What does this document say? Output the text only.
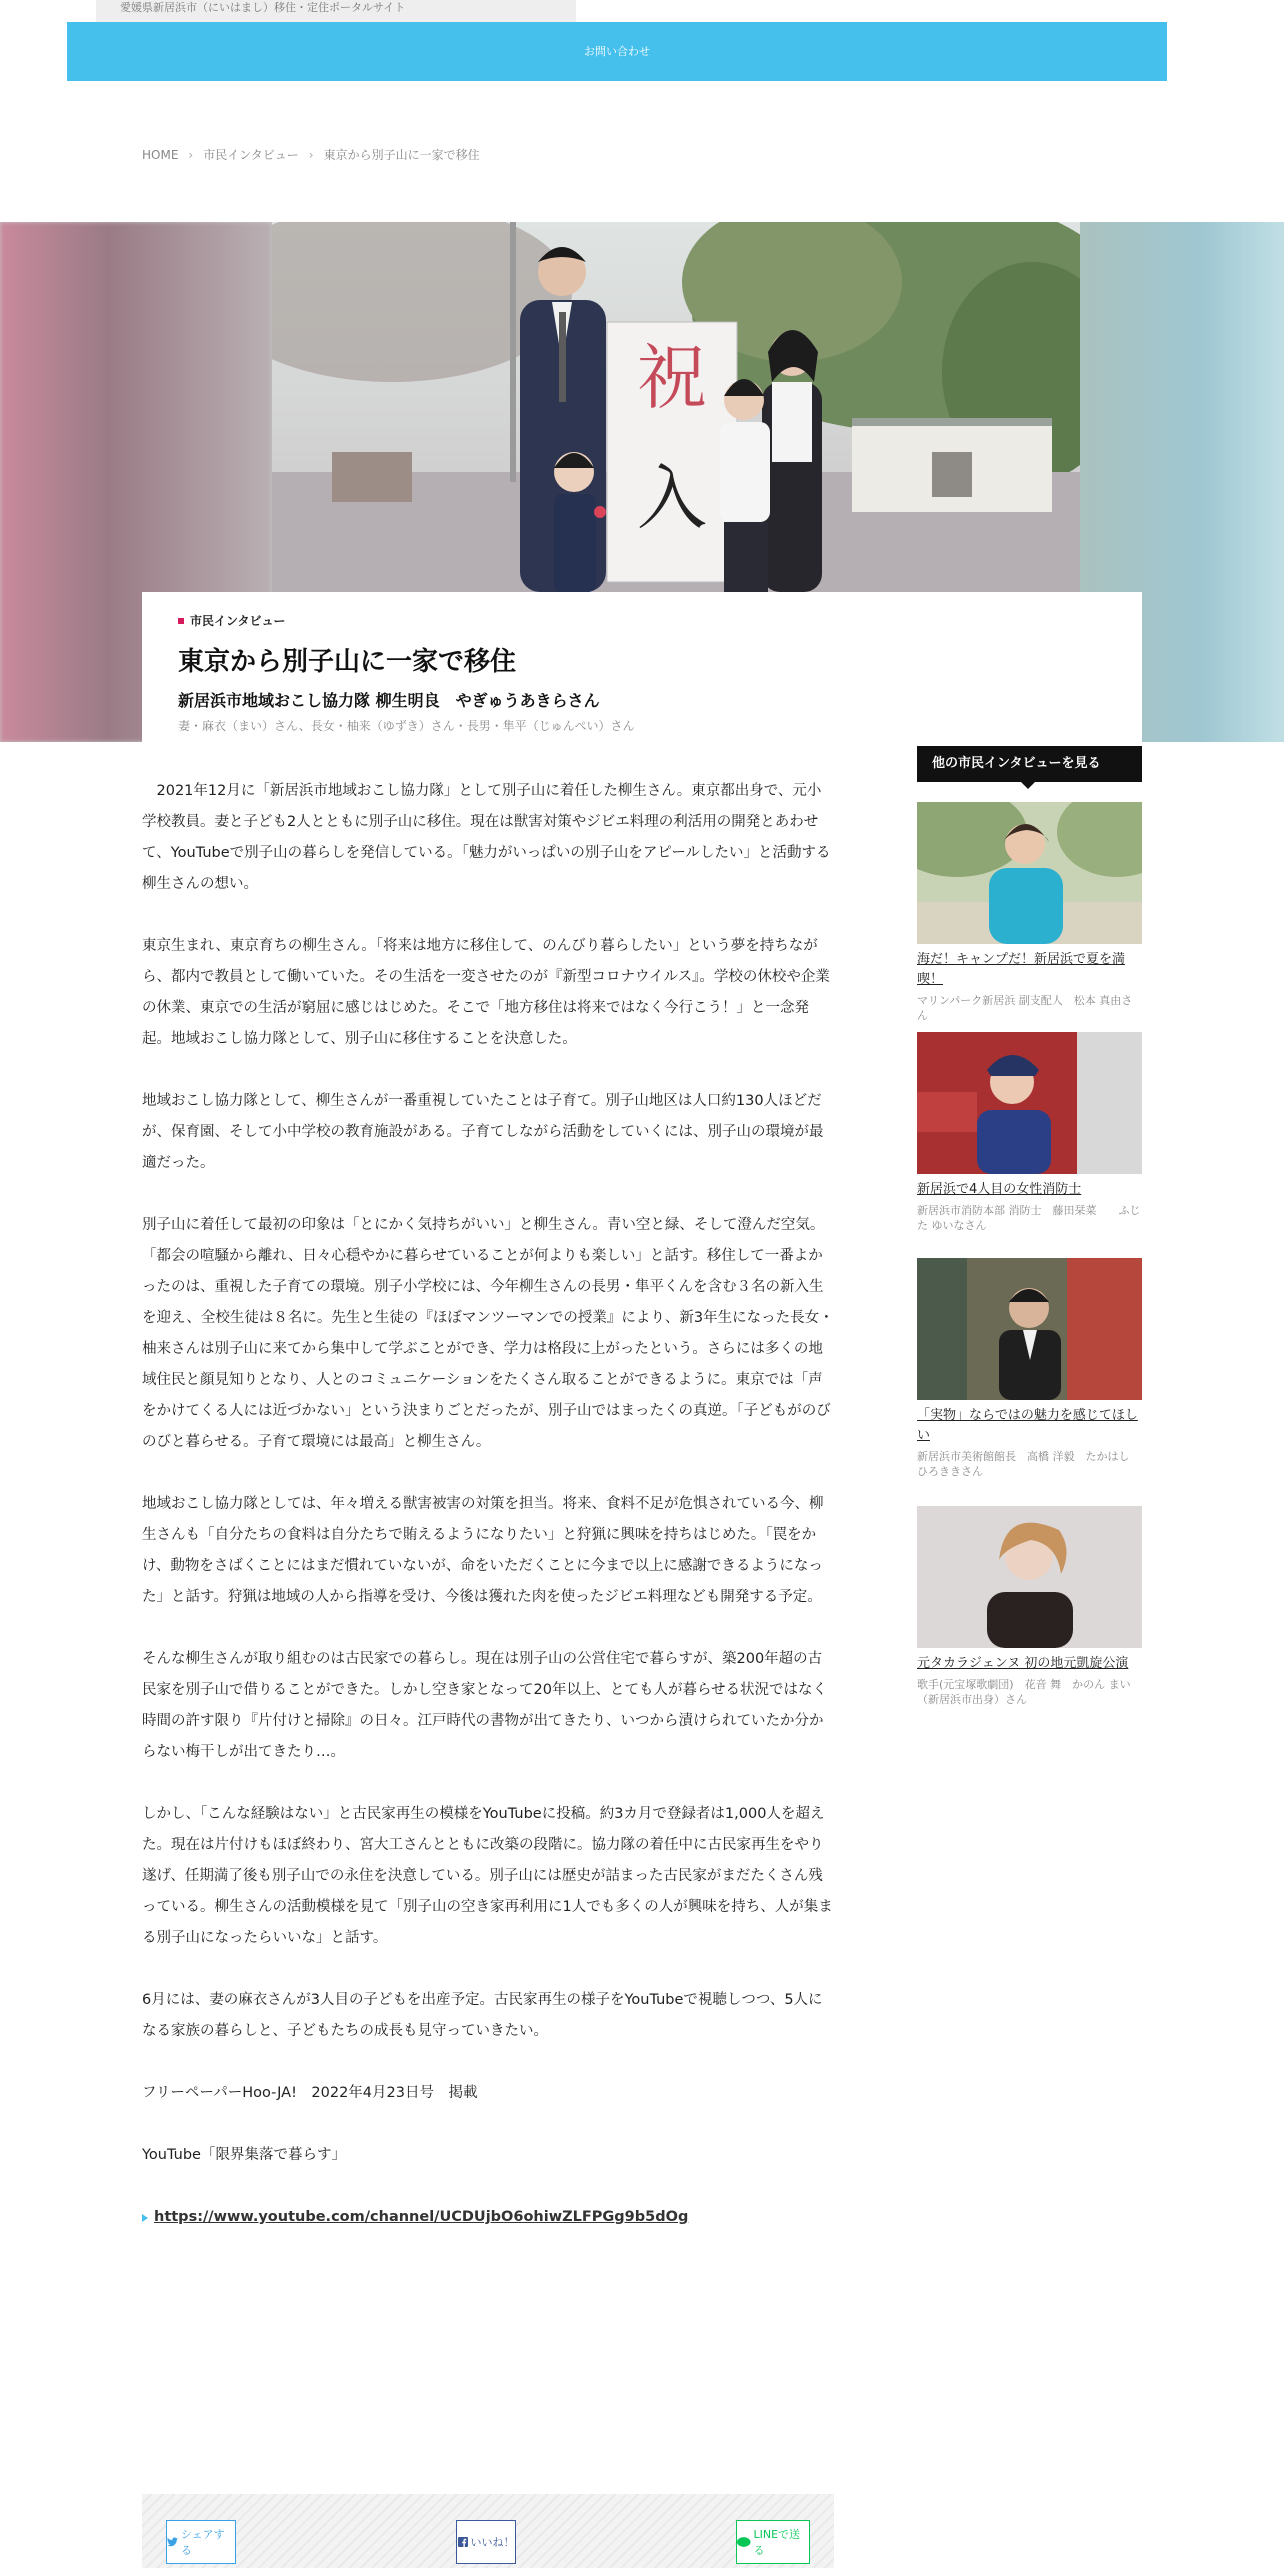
愛媛県新居浜市（にいはまし）移住・定住ポータルサイト
お問い合わせ
HOME › 市民インタビュー › 東京から別子山に一家で移住
祝
入
市民インタビュー
東京から別子山に一家で移住
新居浜市地域おこし協力隊 柳生明良　やぎゅうあきらさん
妻・麻衣（まい）さん、長女・柚来（ゆずき）さん・長男・隼平（じゅんぺい）さん

2021年12月に「新居浜市地域おこし協力隊」として別子山に着任した柳生さん。東京都出身で、元小学校教員。妻と子ども2人とともに別子山に移住。現在は獣害対策やジビエ料理の利活用の開発とあわせて、YouTubeで別子山の暮らしを発信している。「魅力がいっぱいの別子山をアピールしたい」と活動する柳生さんの想い。

東京生まれ、東京育ちの柳生さん。「将来は地方に移住して、のんびり暮らしたい」という夢を持ちながら、都内で教員として働いていた。その生活を一変させたのが『新型コロナウイルス』。学校の休校や企業の休業、東京での生活が窮屈に感じはじめた。そこで「地方移住は将来ではなく今行こう！」と一念発起。地域おこし協力隊として、別子山に移住することを決意した。

地域おこし協力隊として、柳生さんが一番重視していたことは子育て。別子山地区は人口約130人ほどだが、保育園、そして小中学校の教育施設がある。子育てしながら活動をしていくには、別子山の環境が最適だった。

別子山に着任して最初の印象は「とにかく気持ちがいい」と柳生さん。青い空と緑、そして澄んだ空気。「都会の喧騒から離れ、日々心穏やかに暮らせていることが何よりも楽しい」と話す。移住して一番よかったのは、重視した子育ての環境。別子小学校には、今年柳生さんの長男・隼平くんを含む３名の新入生を迎え、全校生徒は８名に。先生と生徒の『ほぼマンツーマンでの授業』により、新3年生になった長女・柚来さんは別子山に来てから集中して学ぶことができ、学力は格段に上がったという。さらには多くの地域住民と顔見知りとなり、人とのコミュニケーションをたくさん取ることができるように。東京では「声をかけてくる人には近づかない」という決まりごとだったが、別子山ではまったくの真逆。「子どもがのびのびと暮らせる。子育て環境には最高」と柳生さん。

地域おこし協力隊としては、年々増える獣害被害の対策を担当。将来、食料不足が危惧されている今、柳生さんも「自分たちの食料は自分たちで賄えるようになりたい」と狩猟に興味を持ちはじめた。「罠をかけ、動物をさばくことにはまだ慣れていないが、命をいただくことに今まで以上に感謝できるようになった」と話す。狩猟は地域の人から指導を受け、今後は獲れた肉を使ったジビエ料理なども開発する予定。

そんな柳生さんが取り組むのは古民家での暮らし。現在は別子山の公営住宅で暮らすが、築200年超の古民家を別子山で借りることができた。しかし空き家となって20年以上、とても人が暮らせる状況ではなく時間の許す限り『片付けと掃除』の日々。江戸時代の書物が出てきたり、いつから漬けられていたか分からない梅干しが出てきたり…。

しかし、「こんな経験はない」と古民家再生の模様をYouTubeに投稿。約3カ月で登録者は1,000人を超えた。現在は片付けもほぼ終わり、宮大工さんとともに改築の段階に。協力隊の着任中に古民家再生をやり遂げ、任期満了後も別子山での永住を決意している。別子山には歴史が詰まった古民家がまだたくさん残っている。柳生さんの活動模様を見て「別子山の空き家再利用に1人でも多くの人が興味を持ち、人が集まる別子山になったらいいな」と話す。

6月には、妻の麻衣さんが3人目の子どもを出産予定。古民家再生の様子をYouTubeで視聴しつつ、5人になる家族の暮らしと、子どもたちの成長も見守っていきたい。

フリーペーパーHoo-JA!　2022年4月23日号　掲載

YouTube「限界集落で暮らす」

https://www.youtube.com/channel/UCDUjbO6ohiwZLFPGg9b5dOg
シェアする
いいね！
LINEで送る
他の市民インタビューを見る
海だ！キャンプだ！新居浜で夏を満喫！
マリンパーク新居浜 副支配人　松本 真由さん
新居浜で4人目の女性消防士
新居浜市消防本部 消防士　藤田栞菜　　ふじた ゆいなさん
「実物」ならではの魅力を感じてほしい
新居浜市美術館館長　高橋 洋毅　たかはし ひろききさん
元タカラジェンヌ 初の地元凱旋公演
歌手(元宝塚歌劇団)　花音 舞　かのん まい（新居浜市出身）さん
